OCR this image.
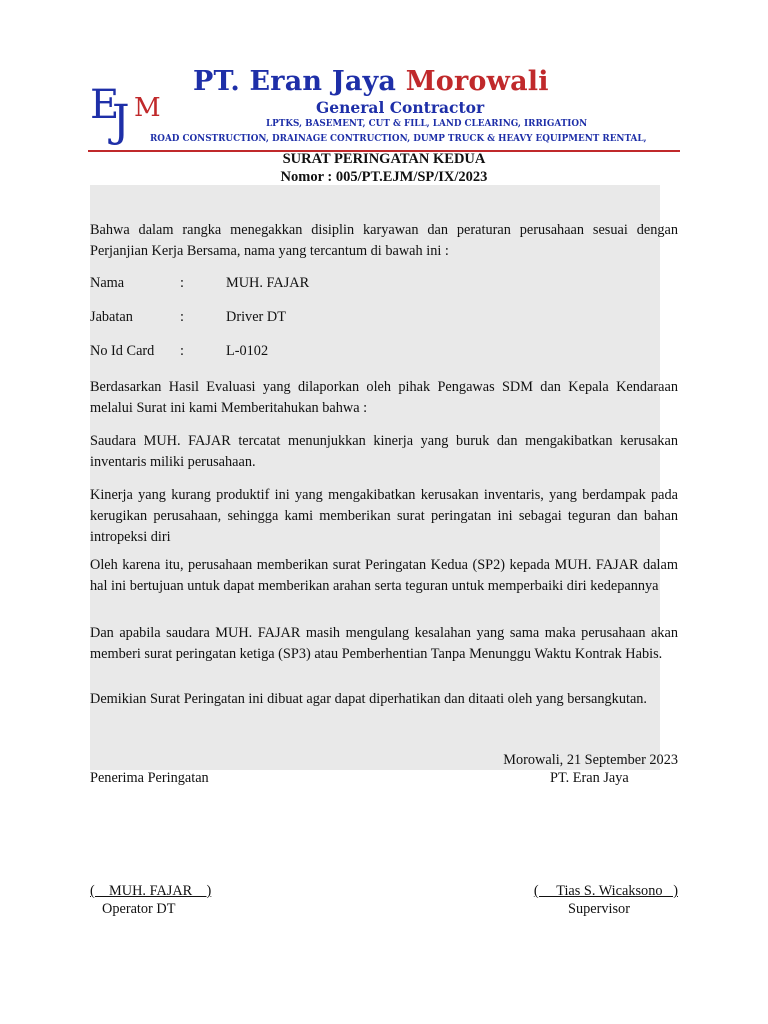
E
J M
PT. Eran Jaya Morowali
General Contractor
LPTKS, BASEMENT, CUT & FILL, LAND CLEARING, IRRIGATION
ROAD CONSTRUCTION, DRAINAGE CONTRUCTION, DUMP TRUCK & HEAVY EQUIPMENT RENTAL,
SURAT PERINGATAN KEDUA
Nomor : 005/PT.EJM/SP/IX/2023
Bahwa dalam rangka menegakkan disiplin karyawan dan peraturan perusahaan sesuai dengan Perjanjian Kerja Bersama, nama yang tercantum di bawah ini :
Nama	:	MUH. FAJAR
Jabatan	:	Driver DT
No Id Card :	L-0102
Berdasarkan Hasil Evaluasi yang dilaporkan oleh pihak Pengawas SDM dan Kepala Kendaraan melalui Surat ini kami Memberitahukan bahwa :
Saudara MUH. FAJAR tercatat menunjukkan kinerja yang buruk dan mengakibatkan kerusakan inventaris miliki perusahaan.
Kinerja yang kurang produktif ini yang mengakibatkan kerusakan inventaris, yang berdampak pada kerugikan perusahaan, sehingga kami memberikan surat peringatan ini sebagai teguran dan bahan intropeksi diri
Oleh karena itu, perusahaan memberikan surat Peringatan Kedua (SP2) kepada MUH. FAJAR dalam hal ini bertujuan untuk dapat memberikan arahan serta teguran untuk memperbaiki diri kedepannya
Dan apabila saudara MUH. FAJAR masih mengulang kesalahan yang sama maka perusahaan akan memberi surat peringatan ketiga (SP3) atau Pemberhentian Tanpa Menunggu Waktu Kontrak Habis.
Demikian Surat Peringatan ini dibuat agar dapat diperhatikan dan ditaati oleh yang bersangkutan.
Morowali, 21 September 2023
Penerima Peringatan	PT. Eran Jaya
(    MUH. FAJAR    )	(     Tias S. Wicaksono   )
Operator DT	Supervisor
